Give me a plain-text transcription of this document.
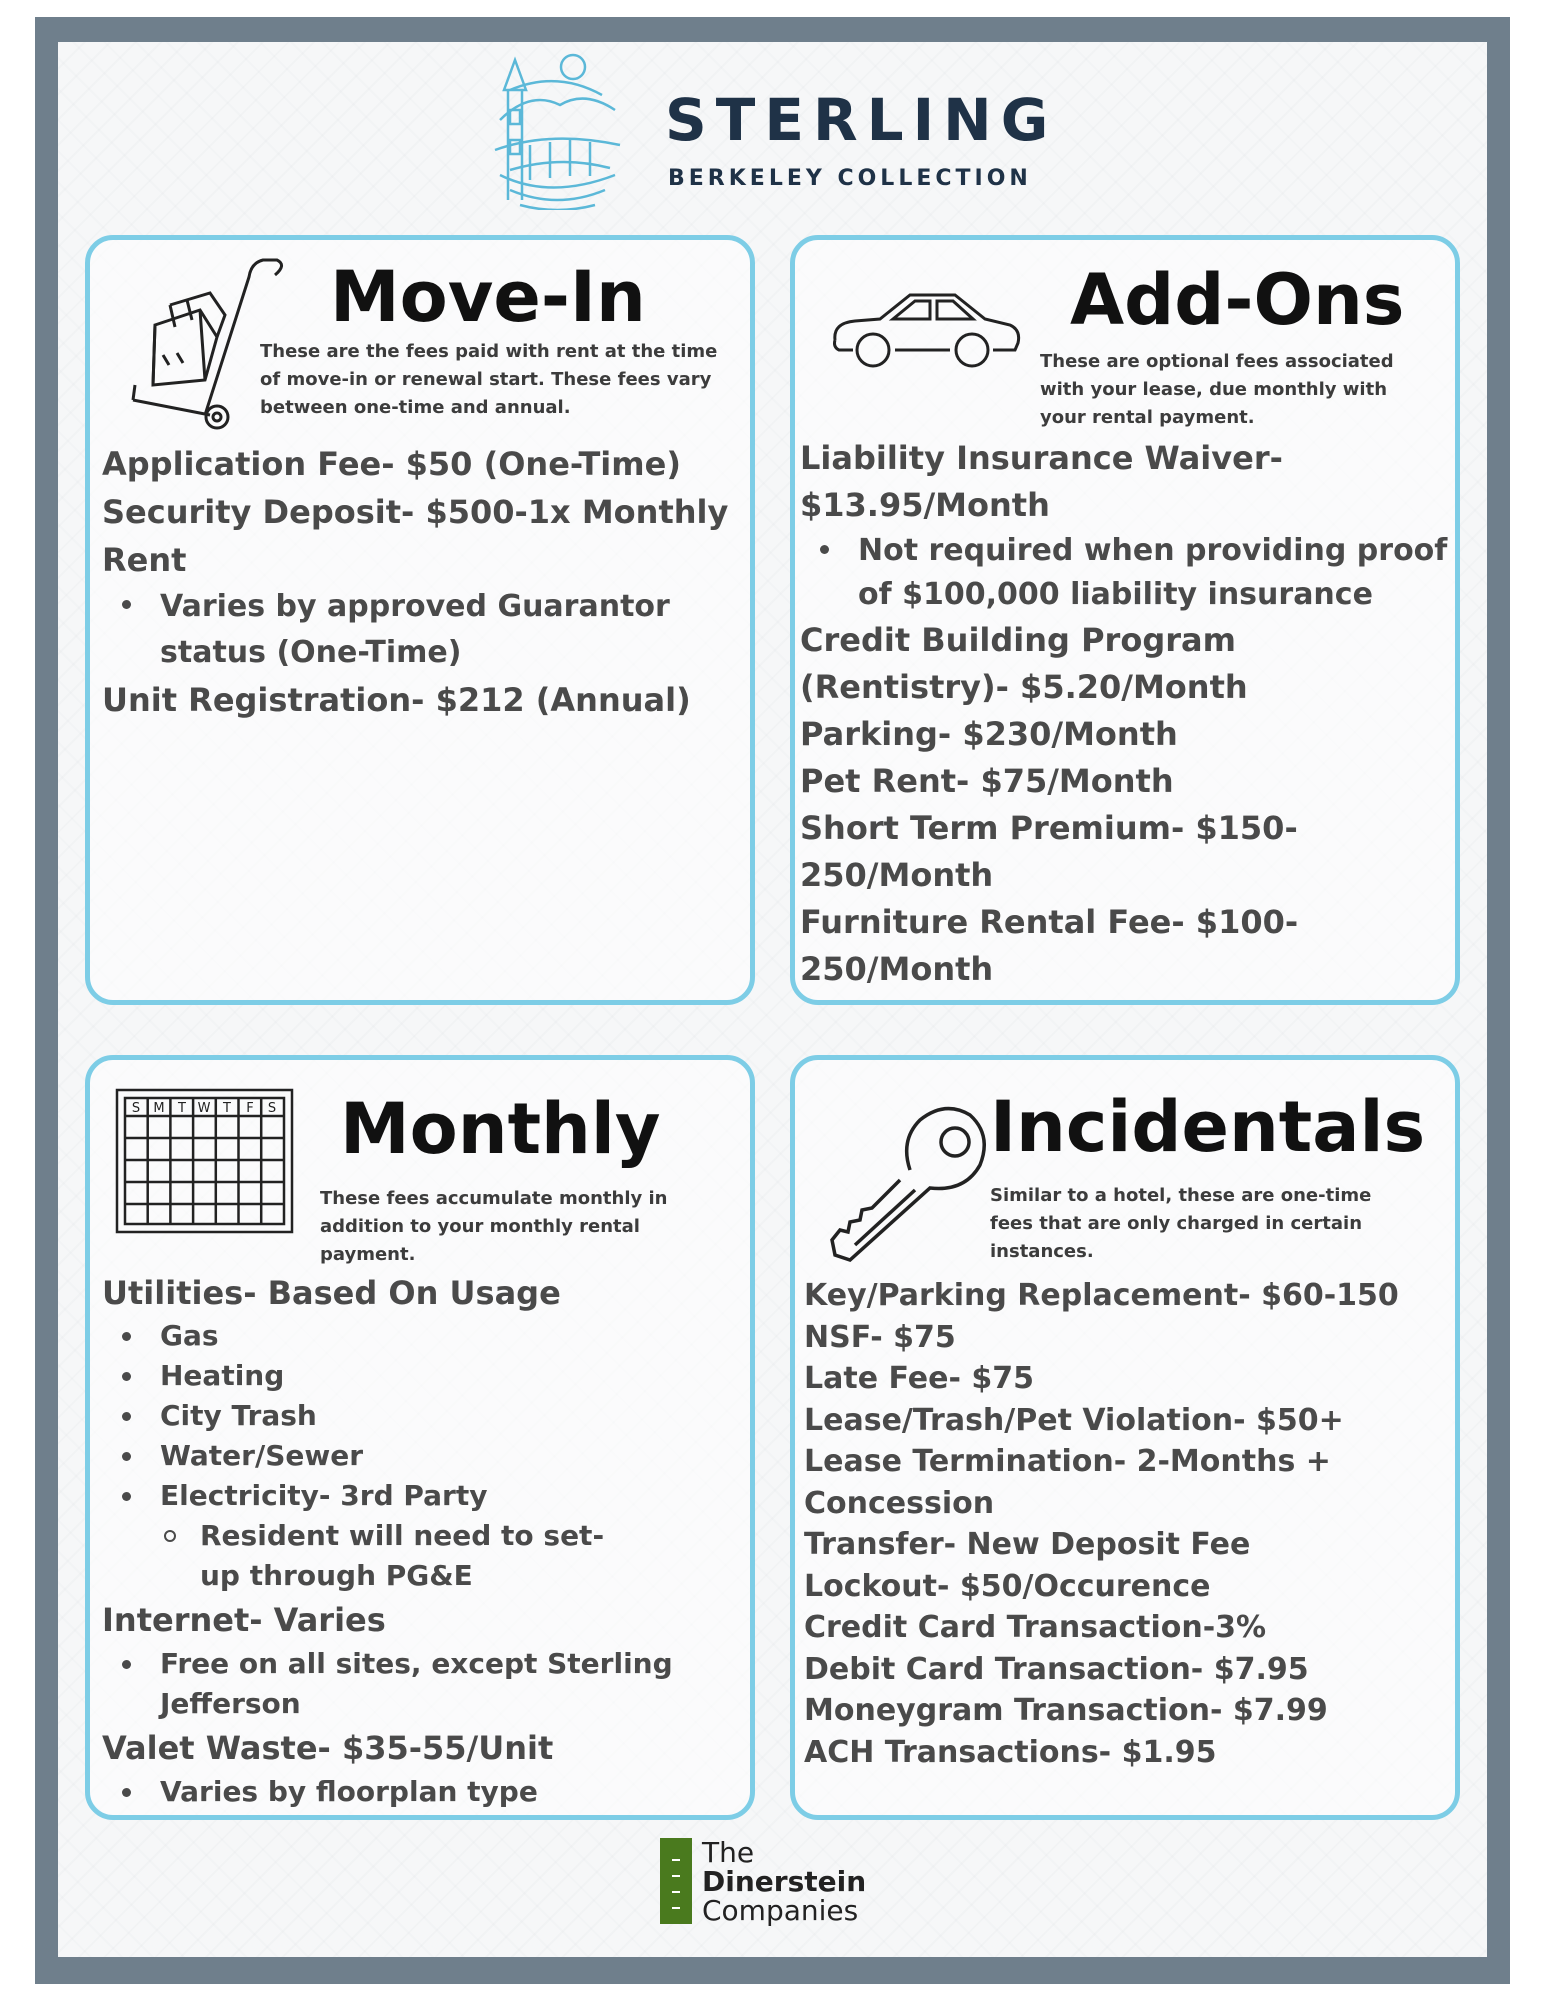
STERLING
BERKELEY COLLECTION
Move-In
These are the fees paid with rent at the time of move-in or renewal start. These fees vary between one-time and annual.
Application Fee- $50 (One-Time)
Security Deposit- $500-1x Monthly Rent
Varies by approved Guarantor status (One-Time)
Unit Registration- $212 (Annual)
Add-Ons
These are optional fees associated with your lease, due monthly with your rental payment.
Liability Insurance Waiver- $13.95/Month
Not required when providing proof of $100,000 liability insurance
Credit Building Program (Rentistry)- $5.20/Month
Parking- $230/Month
Pet Rent- $75/Month
Short Term Premium- $150-250/Month
Furniture Rental Fee- $100-250/Month
S M T W T F S Monthly
These fees accumulate monthly in addition to your monthly rental payment.
Utilities- Based On Usage
Gas
Heating
City Trash
Water/Sewer
Electricity- 3rd Party
Resident will need to set-up through PG&E
Internet- Varies
Free on all sites, except Sterling Jefferson
Valet Waste- $35-55/Unit
Varies by floorplan type
Incidentals
Similar to a hotel, these are one-time fees that are only charged in certain instances.
Key/Parking Replacement- $60-150
NSF- $75
Late Fee- $75
Lease/Trash/Pet Violation- $50+
Lease Termination- 2-Months + Concession
Transfer- New Deposit Fee
Lockout- $50/Occurence
Credit Card Transaction-3%
Debit Card Transaction- $7.95
Moneygram Transaction- $7.99
ACH Transactions- $1.95
The
Dinerstein
Companies
